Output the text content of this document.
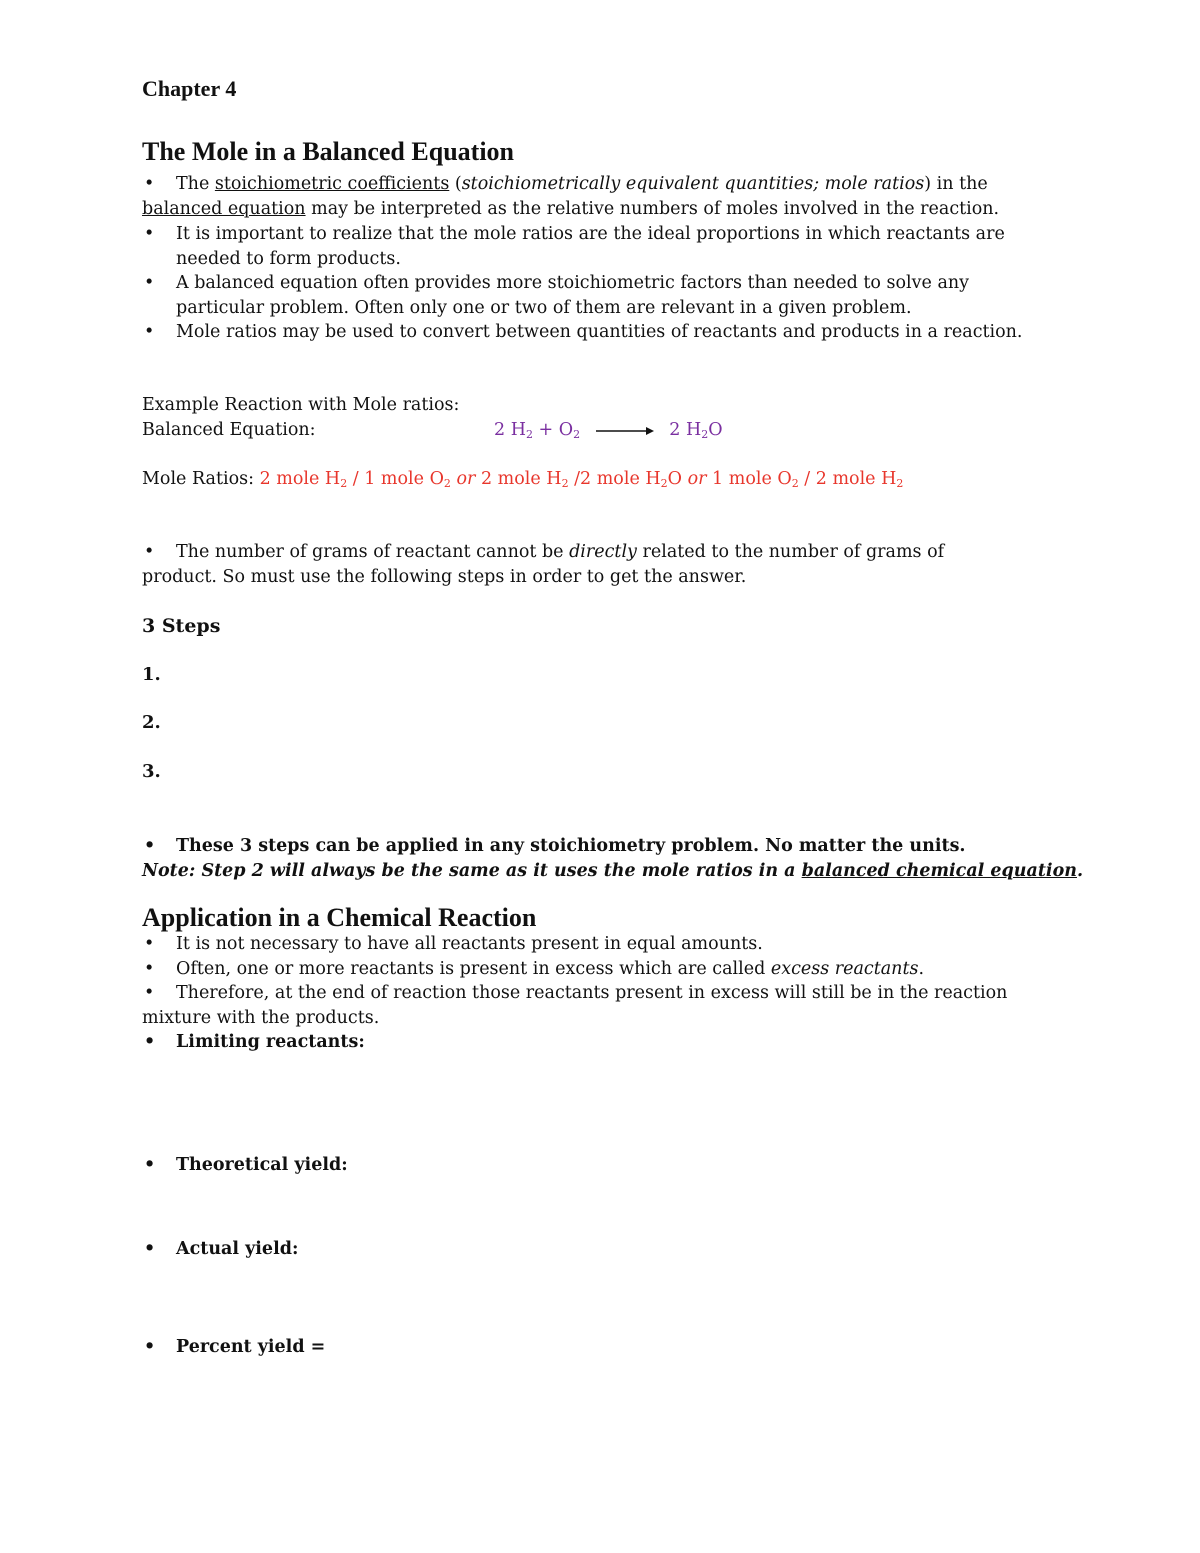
Chapter 4
The Mole in a Balanced Equation
• The stoichiometric coefficients (stoichiometrically equivalent quantities; mole ratios) in the
balanced equation may be interpreted as the relative numbers of moles involved in the reaction.
• It is important to realize that the mole ratios are the ideal proportions in which reactants are needed to form products.
• A balanced equation often provides more stoichiometric factors than needed to solve any particular problem. Often only one or two of them are relevant in a given problem.
• Mole ratios may be used to convert between quantities of reactants and products in a reaction.
Example Reaction with Mole ratios:
Balanced Equation:	2 $H_2 + O_2 \to 2$ $H_2O$
Mole Ratios: 2 mole $H_2 / 1$ mole $O_2$ or 2 mole $H_2$ /2 mole $H_2O$ or 1 mole $O_2 / 2$ mole $H_2$
• The number of grams of reactant cannot be directly related to the number of grams of
product. So must use the following steps in order to get the answer.
3 Steps
1.
2.
3.
• These 3 steps can be applied in any stoichiometry problem. No matter the units.
Note: Step 2 will always be the same as it uses the mole ratios in a balanced chemical equation.
Application in a Chemical Reaction
• It is not necessary to have all reactants present in equal amounts.
• Often, one or more reactants is present in excess which are called excess reactants.
• Therefore, at the end of reaction those reactants present in excess will still be in the reaction
mixture with the products.
• Limiting reactants:
• Theoretical yield:
• Actual yield:
• Percent yield =
